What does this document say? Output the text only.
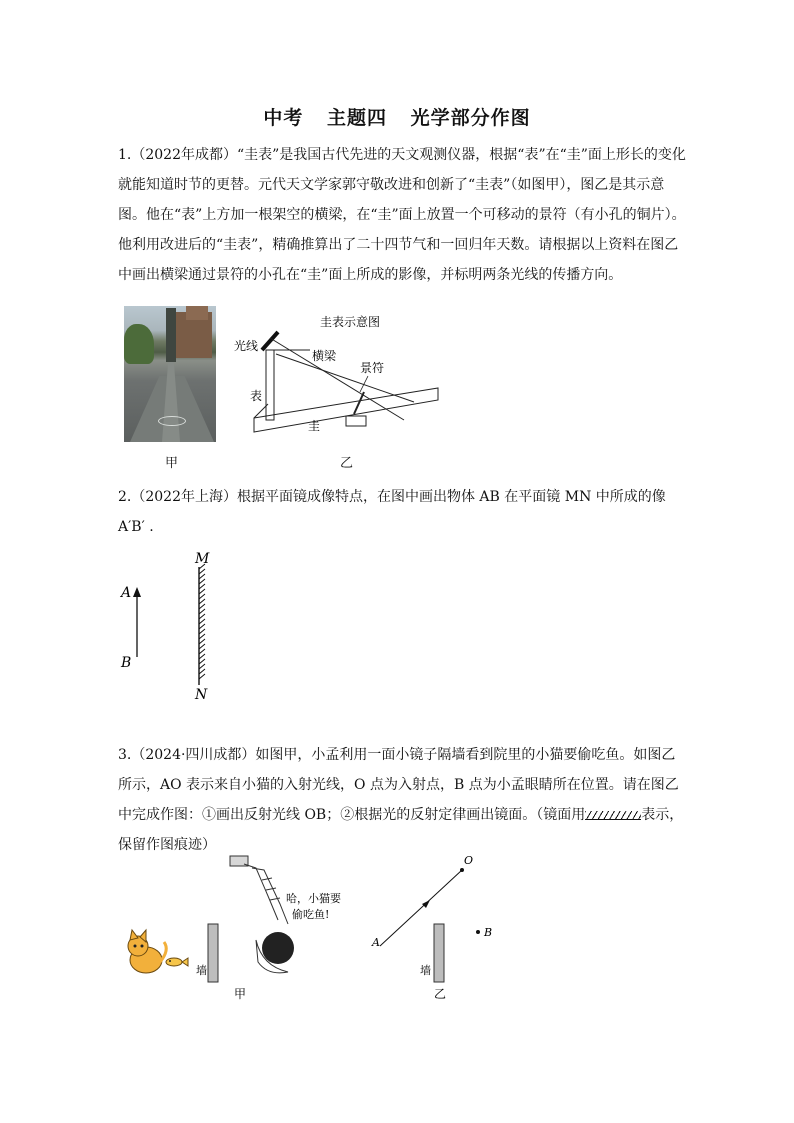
中考 主题四 光学部分作图
1.（2022年成都）“圭表”是我国古代先进的天文观测仪器，根据“表”在“圭”面上形长的变化
就能知道时节的更替。元代天文学家郭守敬改进和创新了“圭表”（如图甲），图乙是其示意
图。他在“表”上方加一根架空的横梁，在“圭”面上放置一个可移动的景符（有小孔的铜片）。
他利用改进后的“圭表”，精确推算出了二十四节气和一回归年天数。请根据以上资料在图乙
中画出横梁通过景符的小孔在“圭”面上所成的影像，并标明两条光线的传播方向。
甲
圭表示意图
光线
横梁
景符
表
圭
乙
2.（2022年上海）根据平面镜成像特点，在图中画出物体 AB 在平面镜 MN 中所成的像
A′B′ .
A
B
M
N
3.（2024·四川成都）如图甲，小孟利用一面小镜子隔墙看到院里的小猫要偷吃鱼。如图乙
所示，AO 表示来自小猫的入射光线，O 点为入射点，B 点为小孟眼睛所在位置。请在图乙
中完成作图：①画出反射光线 OB；②根据光的反射定律画出镜面。（镜面用	表示，
保留作图痕迹）
墙
哈，小猫要
偷吃鱼!
甲
O
A
B
墙
乙
